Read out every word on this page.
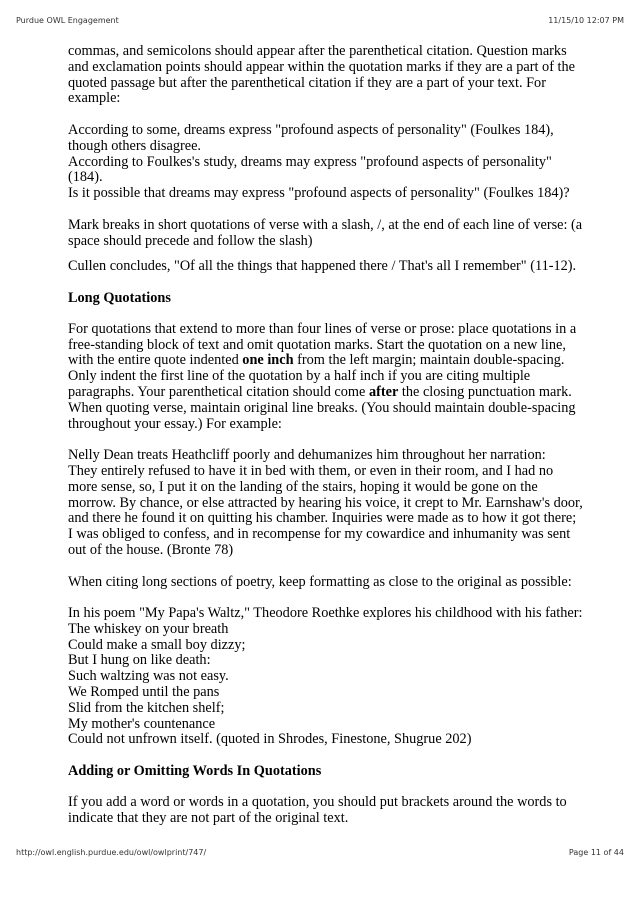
Purdue OWL Engagement	11/15/10 12:07 PM

commas, and semicolons should appear after the parenthetical citation. Question marks and exclamation points should appear within the quotation marks if they are a part of the quoted passage but after the parenthetical citation if they are a part of your text. For example:

According to some, dreams express "profound aspects of personality" (Foulkes 184), though others disagree.
According to Foulkes's study, dreams may express "profound aspects of personality" (184).
Is it possible that dreams may express "profound aspects of personality" (Foulkes 184)?

Mark breaks in short quotations of verse with a slash, /, at the end of each line of verse: (a space should precede and follow the slash)

Cullen concludes, "Of all the things that happened there / That's all I remember" (11-12).

Long Quotations

For quotations that extend to more than four lines of verse or prose: place quotations in a free-standing block of text and omit quotation marks. Start the quotation on a new line, with the entire quote indented one inch from the left margin; maintain double-spacing. Only indent the first line of the quotation by a half inch if you are citing multiple paragraphs. Your parenthetical citation should come after the closing punctuation mark. When quoting verse, maintain original line breaks. (You should maintain double-spacing throughout your essay.) For example:

Nelly Dean treats Heathcliff poorly and dehumanizes him throughout her narration:
They entirely refused to have it in bed with them, or even in their room, and I had no more sense, so, I put it on the landing of the stairs, hoping it would be gone on the morrow. By chance, or else attracted by hearing his voice, it crept to Mr. Earnshaw's door, and there he found it on quitting his chamber. Inquiries were made as to how it got there; I was obliged to confess, and in recompense for my cowardice and inhumanity was sent out of the house. (Bronte 78)

When citing long sections of poetry, keep formatting as close to the original as possible:

In his poem "My Papa's Waltz," Theodore Roethke explores his childhood with his father:
The whiskey on your breath
Could make a small boy dizzy;
But I hung on like death:
Such waltzing was not easy.
We Romped until the pans
Slid from the kitchen shelf;
My mother's countenance
Could not unfrown itself. (quoted in Shrodes, Finestone, Shugrue 202)

Adding or Omitting Words In Quotations

If you add a word or words in a quotation, you should put brackets around the words to indicate that they are not part of the original text.

http://owl.english.purdue.edu/owl/owlprint/747/	Page 11 of 44
